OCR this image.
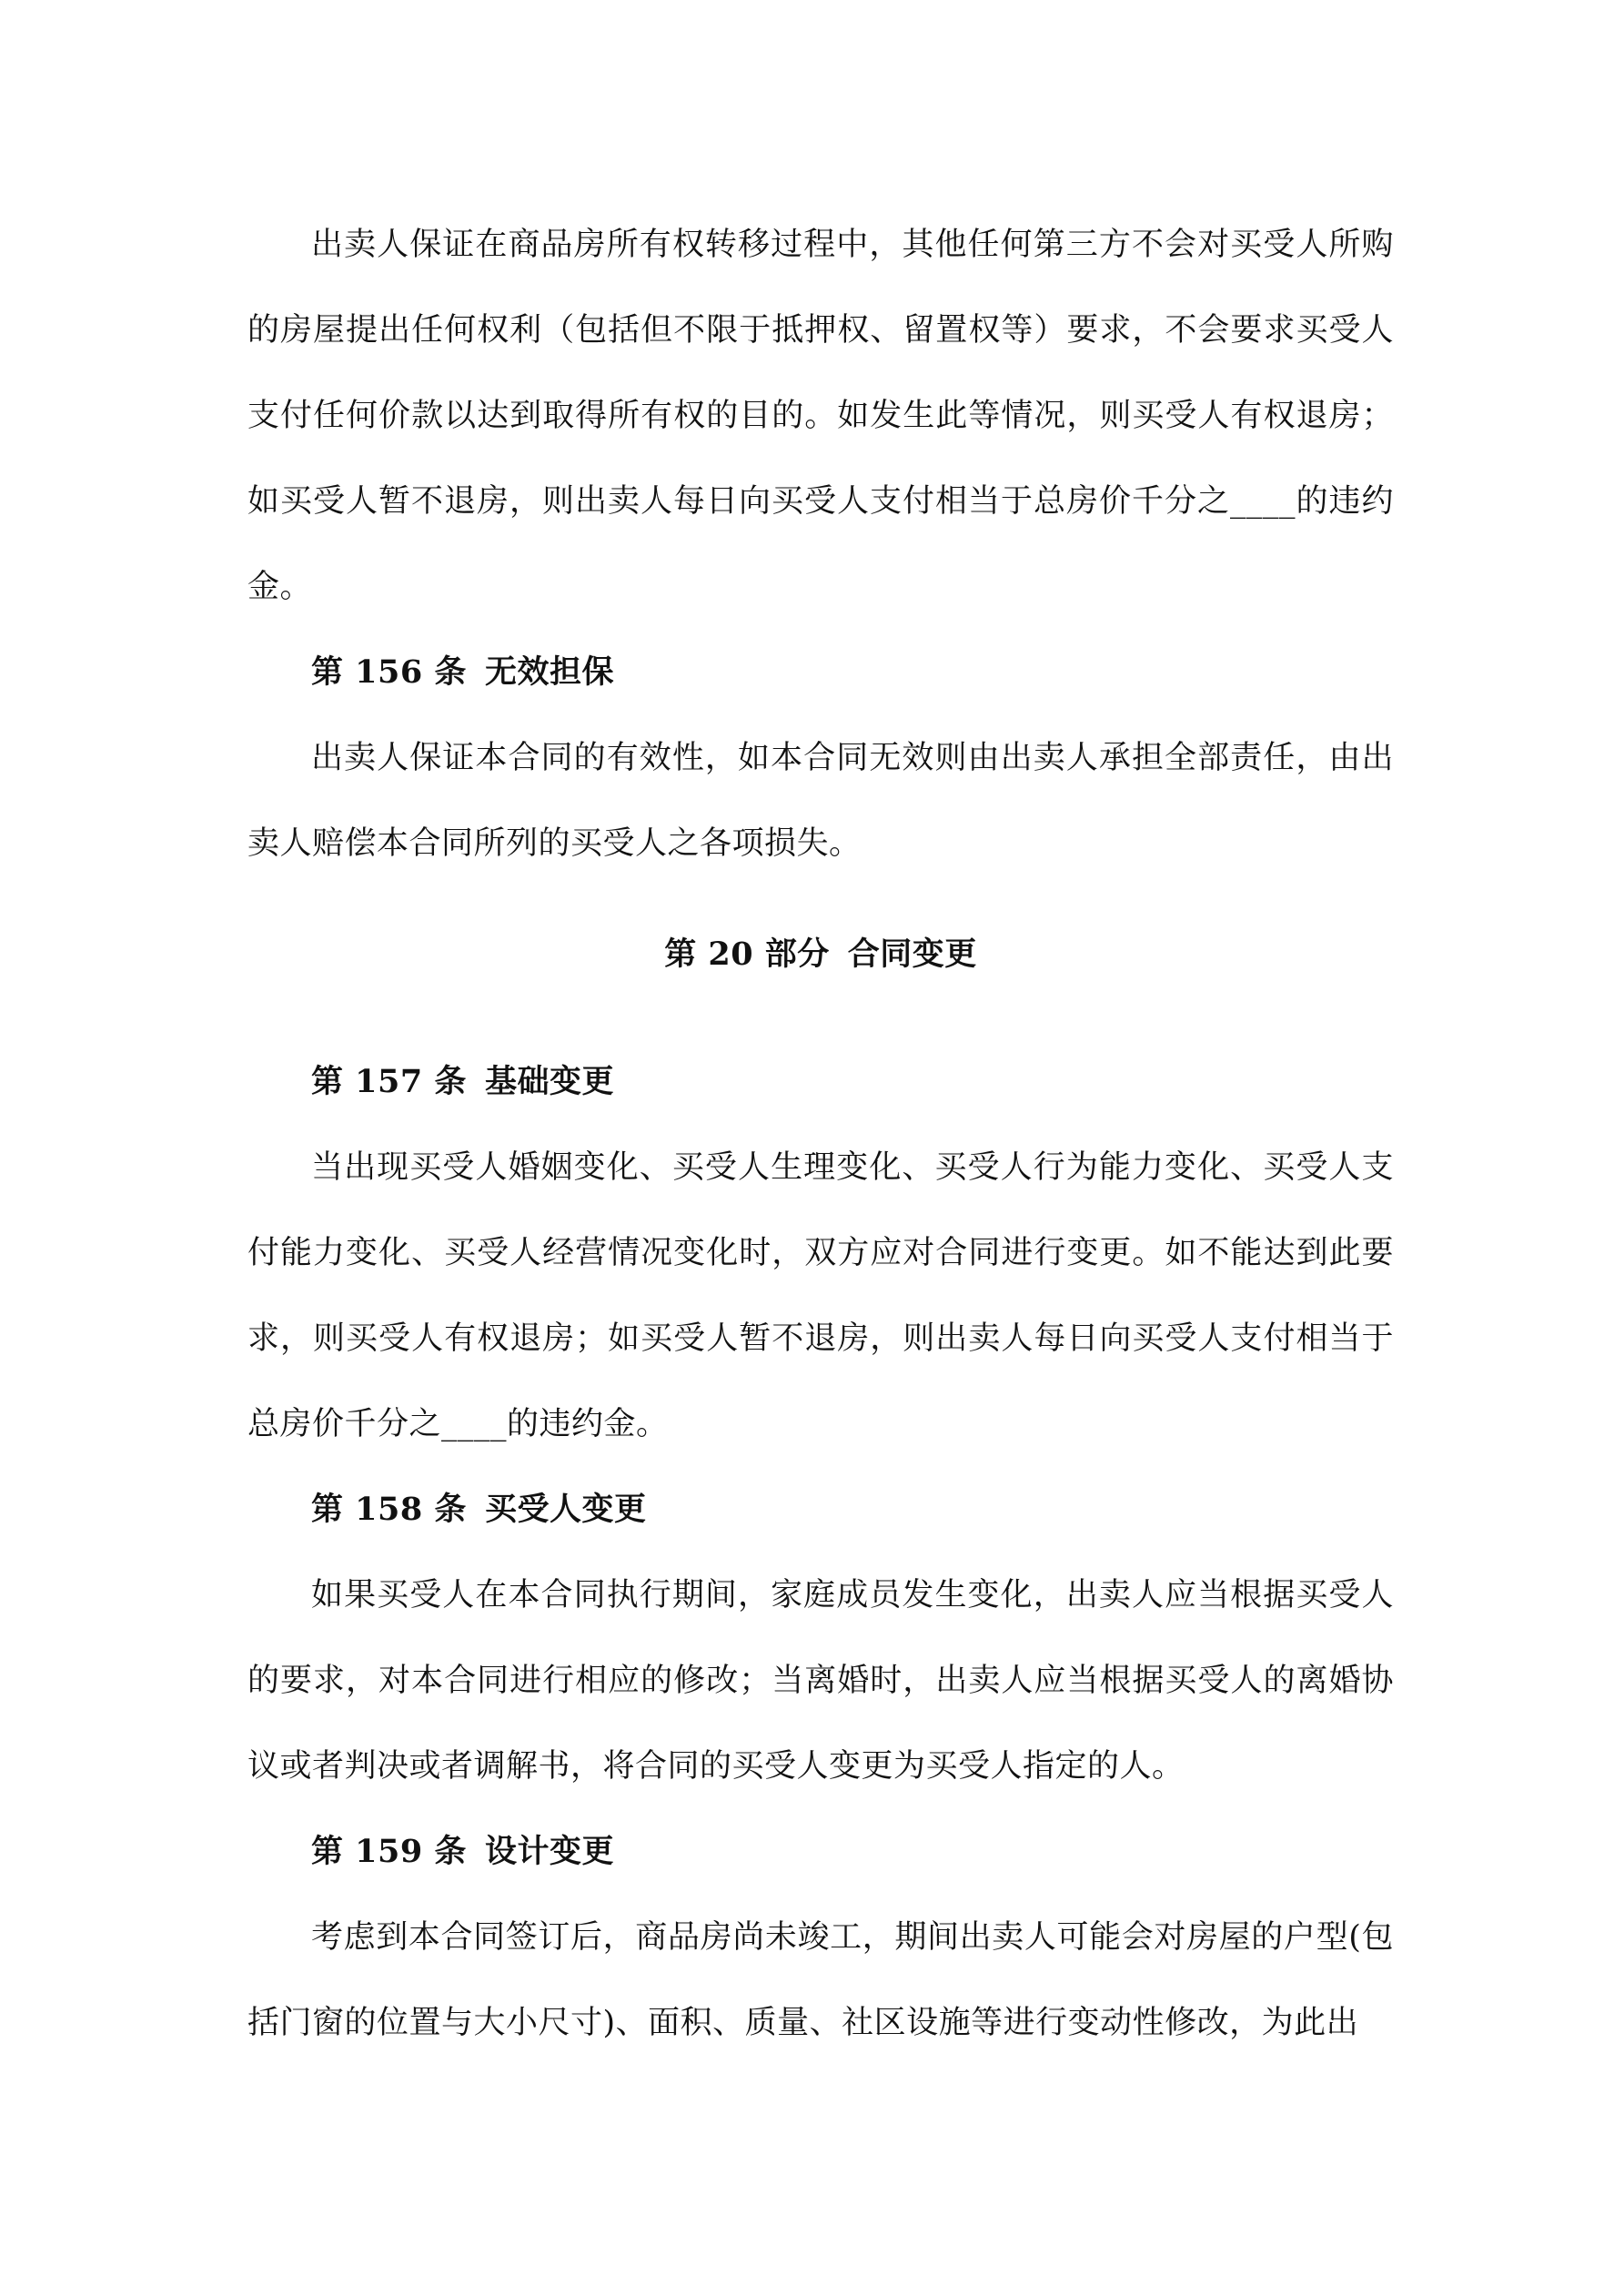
出卖人保证在商品房所有权转移过程中，其他任何第三方不会对买受人所购的房屋提出任何权利（包括但不限于抵押权、留置权等）要求，不会要求买受人支付任何价款以达到取得所有权的目的。如发生此等情况，则买受人有权退房；如买受人暂不退房，则出卖人每日向买受人支付相当于总房价千分之____的违约金。

第 156 条 无效担保

出卖人保证本合同的有效性，如本合同无效则由出卖人承担全部责任，由出卖人赔偿本合同所列的买受人之各项损失。

第 20 部分 合同变更

第 157 条 基础变更

当出现买受人婚姻变化、买受人生理变化、买受人行为能力变化、买受人支付能力变化、买受人经营情况变化时，双方应对合同进行变更。如不能达到此要求，则买受人有权退房；如买受人暂不退房，则出卖人每日向买受人支付相当于总房价千分之____的违约金。

第 158 条 买受人变更

如果买受人在本合同执行期间，家庭成员发生变化，出卖人应当根据买受人的要求，对本合同进行相应的修改；当离婚时，出卖人应当根据买受人的离婚协议或者判决或者调解书，将合同的买受人变更为买受人指定的人。

第 159 条 设计变更

考虑到本合同签订后，商品房尚未竣工，期间出卖人可能会对房屋的户型(包括门窗的位置与大小尺寸)、面积、质量、社区设施等进行变动性修改，为此出
